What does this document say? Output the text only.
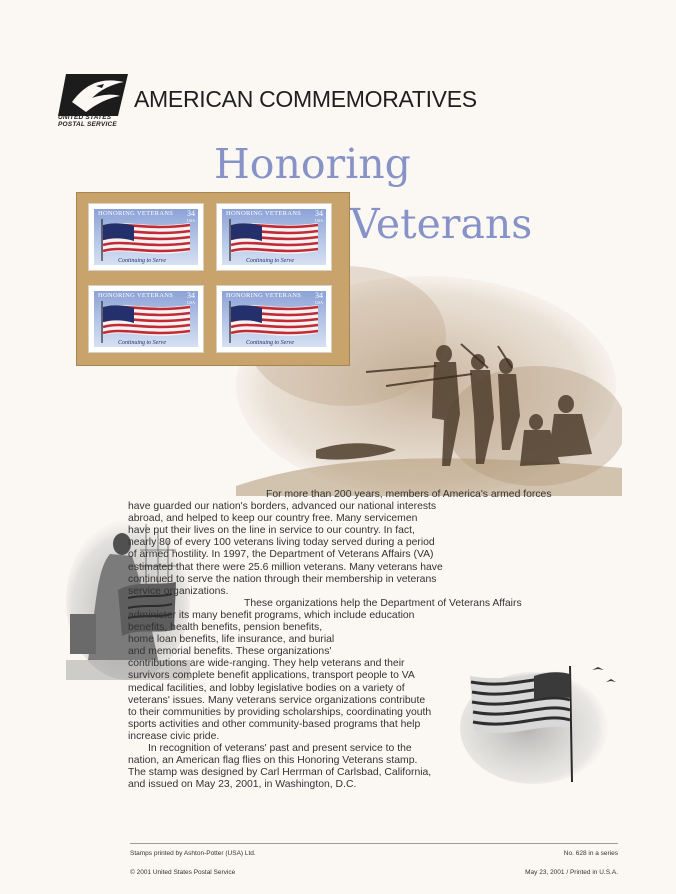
UNITED STATES
POSTAL SERVICE
AMERICAN COMMEMORATIVES
Honoring
Veterans
HONORING VETERANS 34
USA
Continuing to Serve
HONORING VETERANS 34
USA
Continuing to Serve
HONORING VETERANS 34
USA
Continuing to Serve
HONORING VETERANS 34
USA
Continuing to Serve

For more than 200 years, members of America's armed forces
have guarded our nation's borders, advanced our national interests
abroad, and helped to keep our country free. Many servicemen
have put their lives on the line in service to our country. In fact,
nearly 80 of every 100 veterans living today served during a period
of armed hostility. In 1997, the Department of Veterans Affairs (VA)
estimated that there were 25.6 million veterans. Many veterans have
continued to serve the nation through their membership in veterans
service organizations.

These organizations help the Department of Veterans Affairs
administer its many benefit programs, which include education
benefits, health benefits, pension benefits,
home loan benefits, life insurance, and burial
and memorial benefits. These organizations'
contributions are wide-ranging. They help veterans and their
survivors complete benefit applications, transport people to VA
medical facilities, and lobby legislative bodies on a variety of
veterans' issues. Many veterans service organizations contribute
to their communities by providing scholarships, coordinating youth
sports activities and other community-based programs that help
increase civic pride.

In recognition of veterans' past and present service to the
nation, an American flag flies on this Honoring Veterans stamp.
The stamp was designed by Carl Herrman of Carlsbad, California,
and issued on May 23, 2001, in Washington, D.C.

Stamps printed by Ashton-Potter (USA) Ltd.	No. 628 in a series
© 2001 United States Postal Service	May 23, 2001 / Printed in U.S.A.
